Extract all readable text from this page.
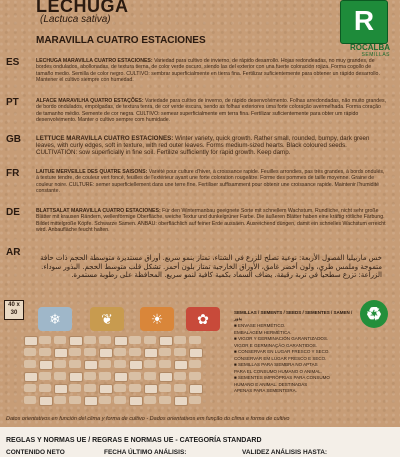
LECHUGA
(Lactuca sativa)
MARAVILLA CUATRO ESTACIONES
R
ROCALBA
SEMILLAS
ES	LECHUGA MARAVILLA CUATRO ESTACIONES: Variedad para cultivo de invierno, de rápido desarrollo. Hojas redondeadas, no muy grandes, de bordes ondulados, abollonadas, de textura tierna, de color verde oscuro, siendo las del exterior con una fuerte coloración rojiza. Forma cogollo de tamaño medio. Semilla de color negro. CULTIVO: sembrar superficialmente en tierra fina. Fertilizar suficientemente para obtener un rápido desarrollo. Mantener el cultivo siempre con humedad.
PT	ALFACE MARAVILHA QUATRO ESTAÇÕES: Variedade para cultivo de inverno, de rápido desenvolvimento. Folhas arredondadas, não muito grandes, de bordo ondulados, empolgadas, de textura tenra, de cor verde escura, sendo as folhas exteriores uma forte coloração avermelhada. Forma coração de tamanho médio. Semente de cor negra. CULTIVO: semear superficialmente em terra fina. Fertilizar suficientemente para obter um rápido desenvolvimento. Manter o cultivo sempre com humidade.
GB LETTUCE MARAVILLA CUATRO ESTACIONES: Winter variety, quick growth. Rather small, rounded, bumpy, dark green leaves, with curly edges, soft in texture, with red outer leaves. Forms medium-sized hearts. Black coloured seeds. CULTIVATION: sow superficially in fine soil. Fertilize sufficiently for rapid growth. Keep damp.
FR	LAITUE MERVEILLE DES QUATRE SAISONS: Variété pour culture d'hiver, à croissance rapide. Feuilles arrondies, pas très grandes, à bords ondulés, à texture tendre, de couleur vert foncé, feuilles de l'extérieur ayant une forte coloration rougeâtre. Forme des pommes de taille moyenne. Graine de couleur noire. CULTURE: semer superficiellement dans une terre fine. Fertiliser suffisamment pour obtenir une croissance rapide. Maintenir l'humidité constante.
DE	BLATTSALAT MARAVILLA CUATRO ESTACIONES: Für den Wintermanbau geeignete Sorte mit schnellem Wachstum. Rundliche, nicht sehr große Blätter mit krausen Rändern, wellenförmige Oberfläche, weiche Textur und dunkelgrüner Farbe. Die äußeren Blätter haben eine kräftig rötliche Färbung. Bildet mittelgroße Köpfe. Schwarze Samen. ANBAU: oberflächlich auf feiner Erde aussäen. Ausreichend düngen, damit ein schnelles Wachstum erreicht wird. Anbaufläche feucht halten.
AR	خس ماربيليا الفصول الأربعة: نوعية تصلح للزرع في الشتاء، تمتاز بنمو سريع. أوراق مستديرة متوسطة الحجم ذات حافة متموجة وملمس طري، ولون أخضر غامق، الأوراق الخارجية تمتاز بلون أحمر. تشكل قلب متوسط الحجم. البذور سوداء. الزراعة: تزرع سطحياً في تربة رقيقة. يضاف السماد بكمية كافية لنمو سريع. المحافظة على رطوبة مستمرة.
40 x 30	❄	❦	☀	✿	SEMILLAS / SEMENTS / SEEDS / SEMENTES / SAMEN / بذور
■ ENVASE HERMÉTICO.
EMBALAGEM HERMÉTICA.
■ VIGOR Y GERMINACIÓN GARANTIZADOS.
VIGOR E GERMINAÇÃO GARANTIDOS.
■ CONSERVAR EN LUGAR FRESCO Y SECO.
CONSERVAR EM LUGAR FRESCO E SECO.
■ SEMILLAS PARA SIEMBRA NO APTAS
PARA EL CONSUMO HUMANO O ANIMAL.
■ SEMENTES IMPRÓPRIAS PARA CONSUMO
HUMANO E ANIMAL. DESTINADAS
APENAS PARA SEMENTEIRA.
♻
Datos orientativos en función del clima y forma de cultivo - Dados orientativos em função do clima e forma de cultivo
REGLAS Y NORMAS UE / REGRAS E NORMAS UE - CATEGORÍA STANDARD
CONTENIDO NETO	FECHA ÚLTIMO ANÁLISIS:	VALIDEZ ANÁLISIS HASTA:
